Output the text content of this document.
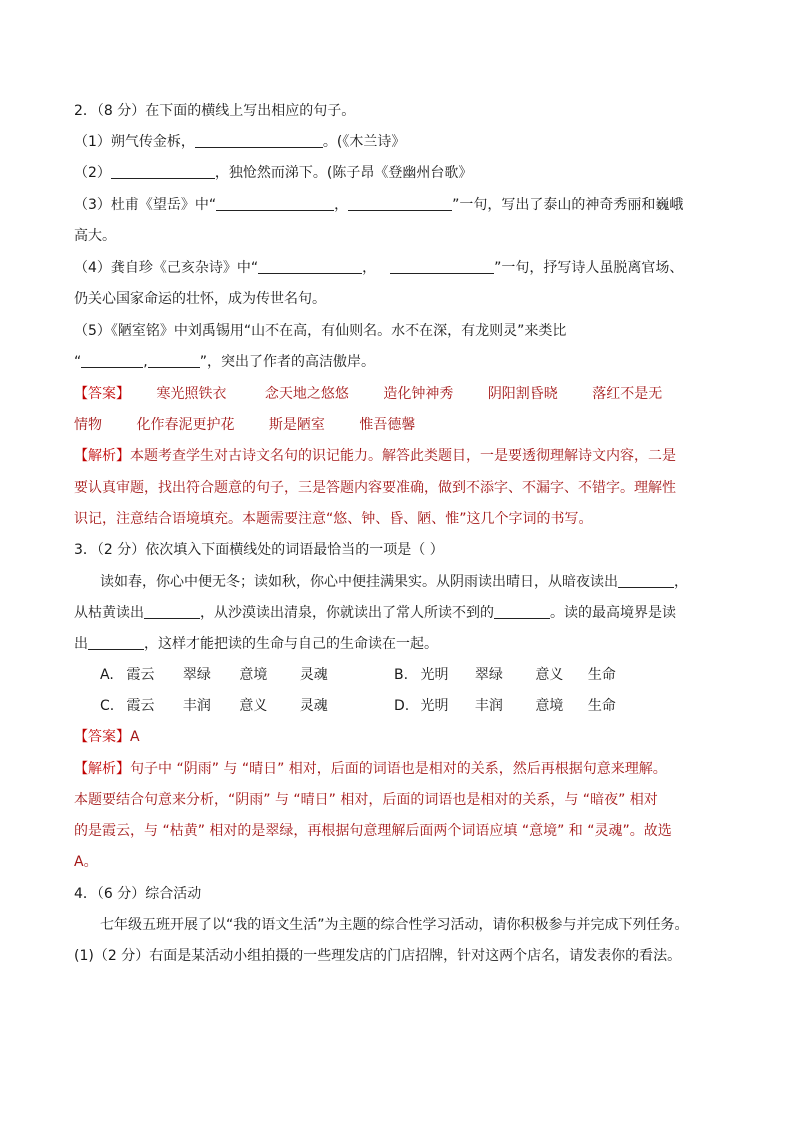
2．（8 分）在下面的横线上写出相应的句子。
（1）朔气传金柝，	。(《木兰诗》
（2）	，独怆然而涕下。(陈子昂《登幽州台歌》
（3）杜甫《望岳》中“	，	”一句，写出了泰山的神奇秀丽和巍峨
高大。
（4）龚自珍《己亥杂诗》中“	，	”一句，抒写诗人虽脱离官场、
仍关心国家命运的壮怀，成为传世名句。
（5）《陋室铭》中刘禹锡用“山不在高，有仙则名。水不在深，有龙则灵”来类比
“	,	”，突出了作者的高洁傲岸。
【答案】 寒光照铁衣	念天地之悠悠 造化钟神秀 阴阳割昏晓 落红不是无
情物 化作春泥更护花 斯是陋室 惟吾德馨
【解析】本题考查学生对古诗文名句的识记能力。解答此类题目，一是要透彻理解诗文内容，二是
要认真审题，找出符合题意的句子，三是答题内容要准确，做到不添字、不漏字、不错字。理解性
识记，注意结合语境填充。本题需要注意“悠、钟、昏、陋、惟”这几个字词的书写。
3．（2 分）依次填入下面横线处的词语最恰当的一项是（ ）
读如春，你心中便无冬；读如秋，你心中便挂满果实。从阴雨读出晴日，从暗夜读出	，
从枯黄读出	，从沙漠读出清泉，你就读出了常人所读不到的	。读的最高境界是读
出	，这样才能把读的生命与自己的生命读在一起。
A. 霞云 翠绿 意境 灵魂	B. 光明 翠绿 意义 生命
C. 霞云 丰润 意义 灵魂	D. 光明 丰润 意境 生命
【答案】A
【解析】句子中 “阴雨” 与 “晴日” 相对，后面的词语也是相对的关系，然后再根据句意来理解。
本题要结合句意来分析，“阴雨” 与 “晴日” 相对，后面的词语也是相对的关系，与 “暗夜” 相对
的是霞云，与 “枯黄” 相对的是翠绿，再根据句意理解后面两个词语应填 “意境” 和 “灵魂”。故选
A。
4．（6 分）综合活动
七年级五班开展了以“我的语文生活”为主题的综合性学习活动，请你积极参与并完成下列任务。
(1)（2 分）右面是某活动小组拍摄的一些理发店的门店招牌，针对这两个店名，请发表你的看法。
